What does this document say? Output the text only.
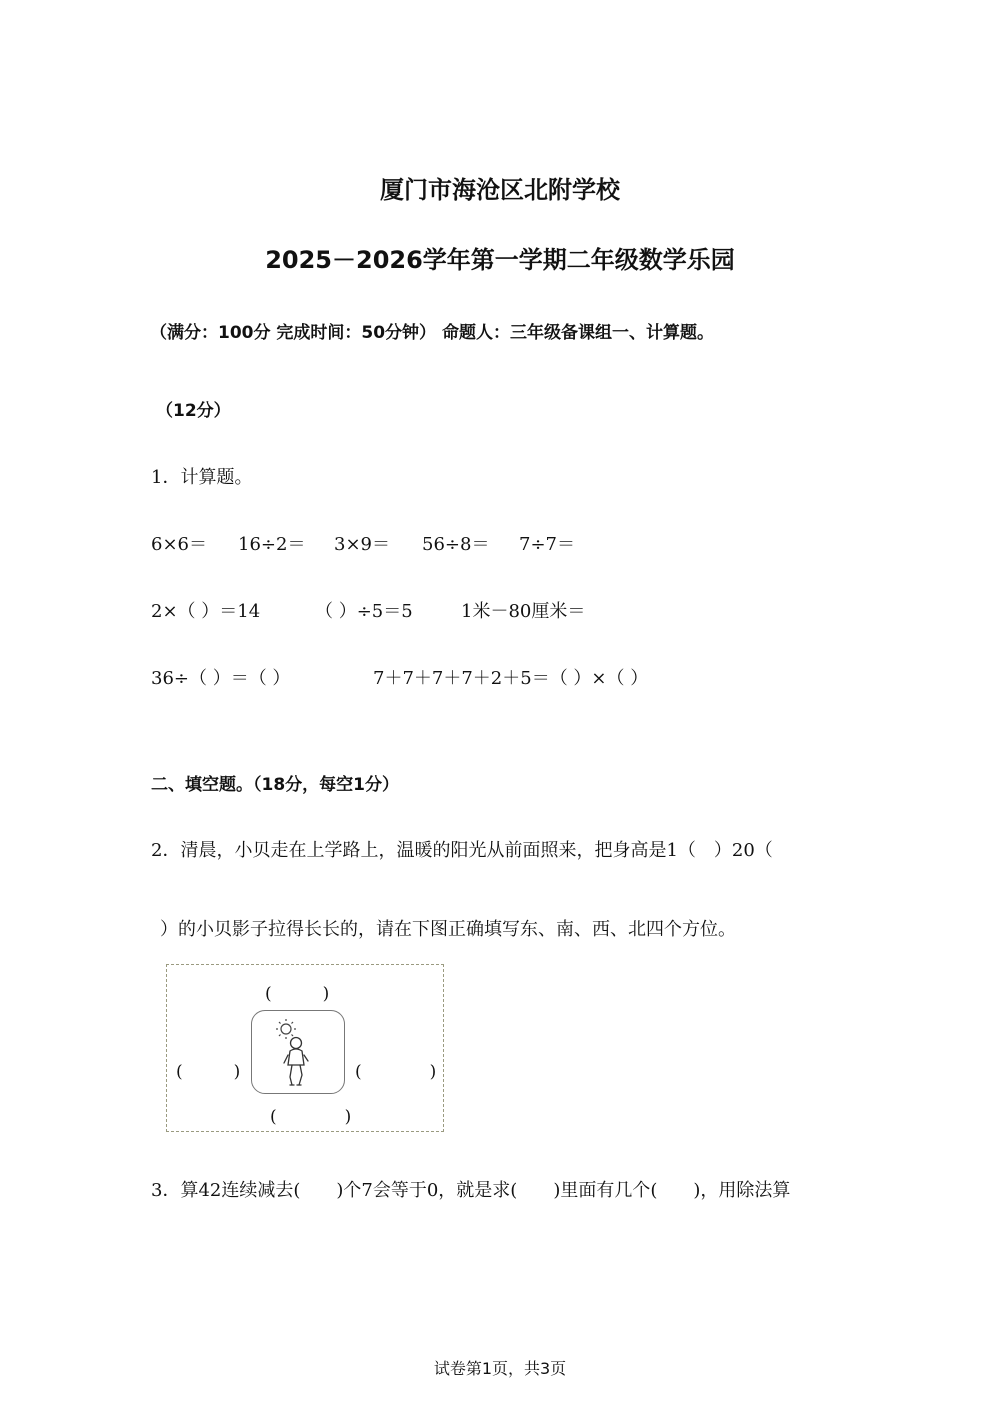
厦门市海沧区北附学校
2025－2026学年第一学期二年级数学乐园
（满分：100分 完成时间：50分钟） 命题人：三年级备课组一、计算题。
（12分）
1．计算题。
6×6＝ 16÷2＝ 3×9＝ 56÷8＝ 7÷7＝
2×（ ）＝14	（ ）÷5＝5	1米－80厘米＝
36÷（ ）＝（ ）	7＋7＋7＋7＋2＋5＝（ ）×（ ）
二、填空题。（18分，每空1分）
2．清晨，小贝走在上学路上，温暖的阳光从前面照来，把身高是1（　）20（
）的小贝影子拉得长长的，请在下图正确填写东、南、西、北四个方位。
(　　　)
(　　　)	(　　　　)
(　　　　)
3．算42连续减去(　　)个7会等于0，就是求(　　)里面有几个(　　)，用除法算
试卷第1页，共3页
